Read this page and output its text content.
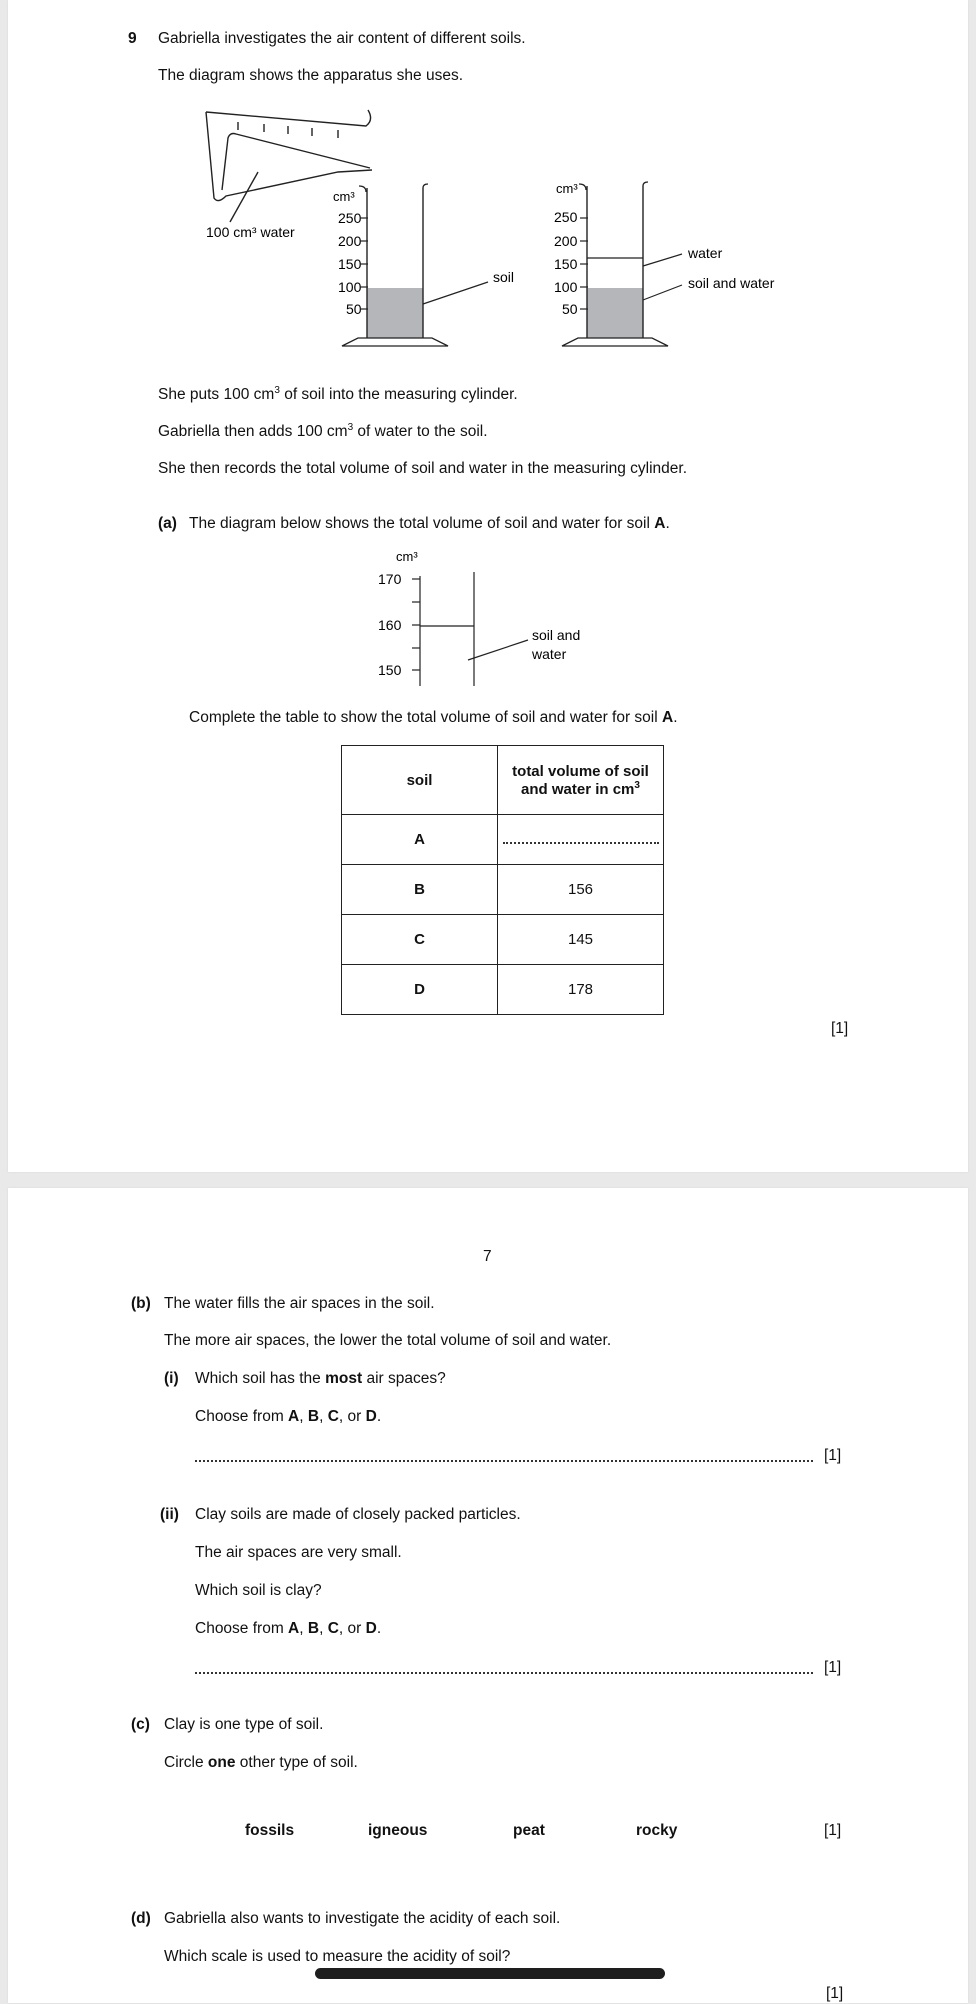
9 Gabriella investigates the air content of different soils.
The diagram shows the apparatus she uses.
100 cm³ water
cm³
250
200
150
100
50
soil
cm³
250
200
150
100
50
water
soil and water
She puts 100 $cm^3$ of soil into the measuring cylinder.
Gabriella then adds 100 $cm^3$ of water to the soil.
She then records the total volume of soil and water in the measuring cylinder.
(a) The diagram below shows the total volume of soil and water for soil A.
cm³
170
160
150
soil and
water
Complete the table to show the total volume of soil and water for soil A.
soil	total volume of soil
and water in $cm^3$
A	
B	156
C	145
D	178
[1]
7
(b) The water fills the air spaces in the soil.
The more air spaces, the lower the total volume of soil and water.
(i) Which soil has the most air spaces?
Choose from A, B, C, or D.
[1]
(ii) Clay soils are made of closely packed particles.
The air spaces are very small.
Which soil is clay?
Choose from A, B, C, or D.
[1]
(c) Clay is one type of soil.
Circle one other type of soil.
fossils	igneous	peat	rocky	[1]
(d) Gabriella also wants to investigate the acidity of each soil.
Which scale is used to measure the acidity of soil?
[1]
